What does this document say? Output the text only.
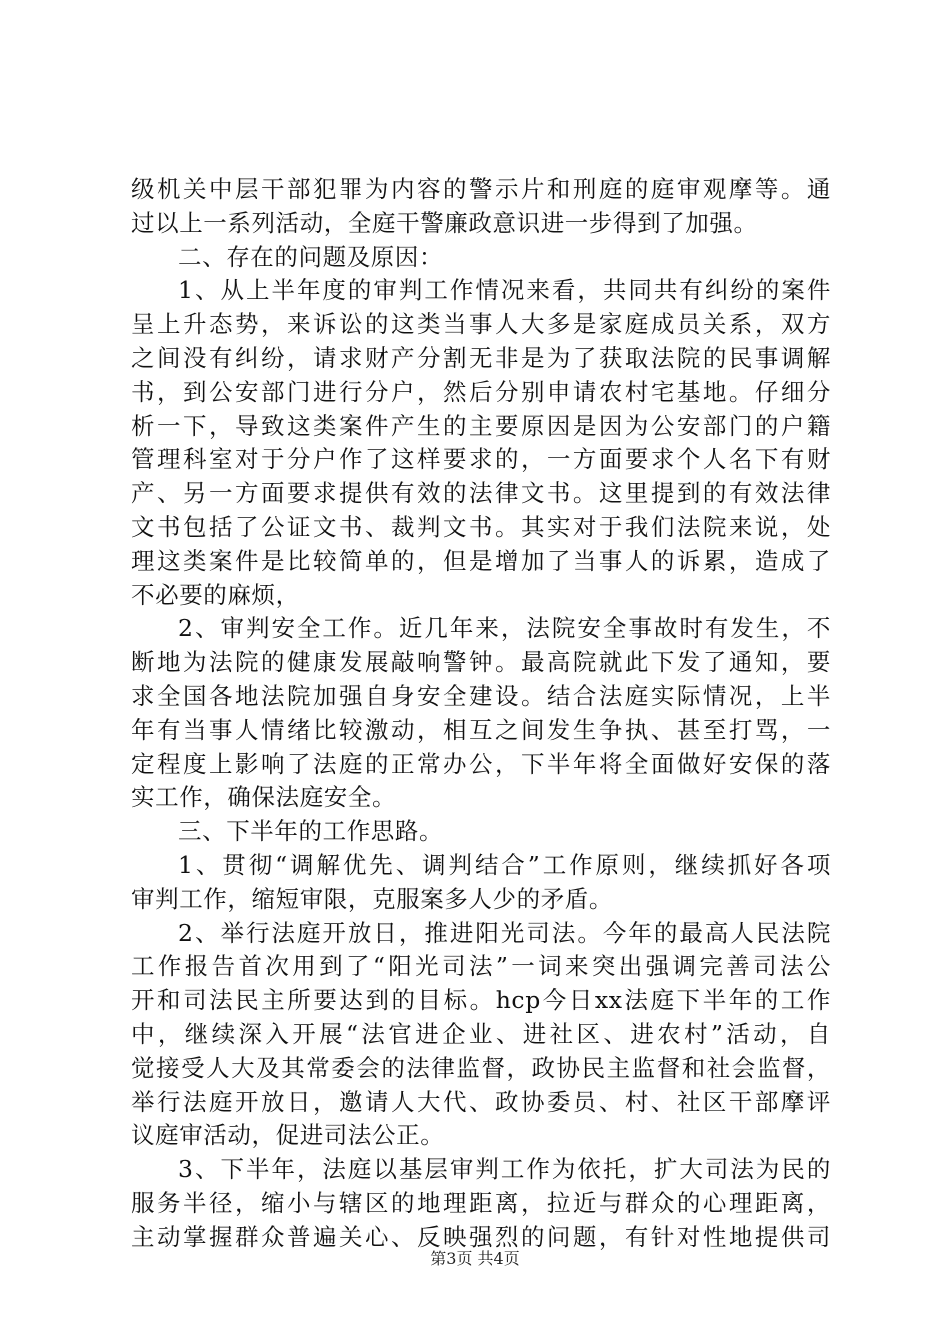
级机关中层干部犯罪为内容的警示片和刑庭的庭审观摩等。通
过以上一系列活动，全庭干警廉政意识进一步得到了加强。
二、存在的问题及原因：
1、从上半年度的审判工作情况来看，共同共有纠纷的案件
呈上升态势，来诉讼的这类当事人大多是家庭成员关系，双方
之间没有纠纷，请求财产分割无非是为了获取法院的民事调解
书，到公安部门进行分户，然后分别申请农村宅基地。仔细分
析一下，导致这类案件产生的主要原因是因为公安部门的户籍
管理科室对于分户作了这样要求的，一方面要求个人名下有财
产、另一方面要求提供有效的法律文书。这里提到的有效法律
文书包括了公证文书、裁判文书。其实对于我们法院来说，处
理这类案件是比较简单的，但是增加了当事人的诉累，造成了
不必要的麻烦，
2、审判安全工作。近几年来，法院安全事故时有发生，不
断地为法院的健康发展敲响警钟。最高院就此下发了通知，要
求全国各地法院加强自身安全建设。结合法庭实际情况，上半
年有当事人情绪比较激动，相互之间发生争执、甚至打骂，一
定程度上影响了法庭的正常办公，下半年将全面做好安保的落
实工作，确保法庭安全。
三、下半年的工作思路。
1、贯彻“调解优先、调判结合”工作原则，继续抓好各项
审判工作，缩短审限，克服案多人少的矛盾。
2、举行法庭开放日，推进阳光司法。今年的最高人民法院
工作报告首次用到了“阳光司法”一词来突出强调完善司法公
开和司法民主所要达到的目标。hcp今日xx法庭下半年的工作
中，继续深入开展“法官进企业、进社区、进农村”活动，自
觉接受人大及其常委会的法律监督，政协民主监督和社会监督，
举行法庭开放日，邀请人大代、政协委员、村、社区干部摩评
议庭审活动，促进司法公正。
3、下半年，法庭以基层审判工作为依托，扩大司法为民的
服务半径，缩小与辖区的地理距离，拉近与群众的心理距离，
主动掌握群众普遍关心、反映强烈的问题，有针对性地提供司
第3页 共4页
